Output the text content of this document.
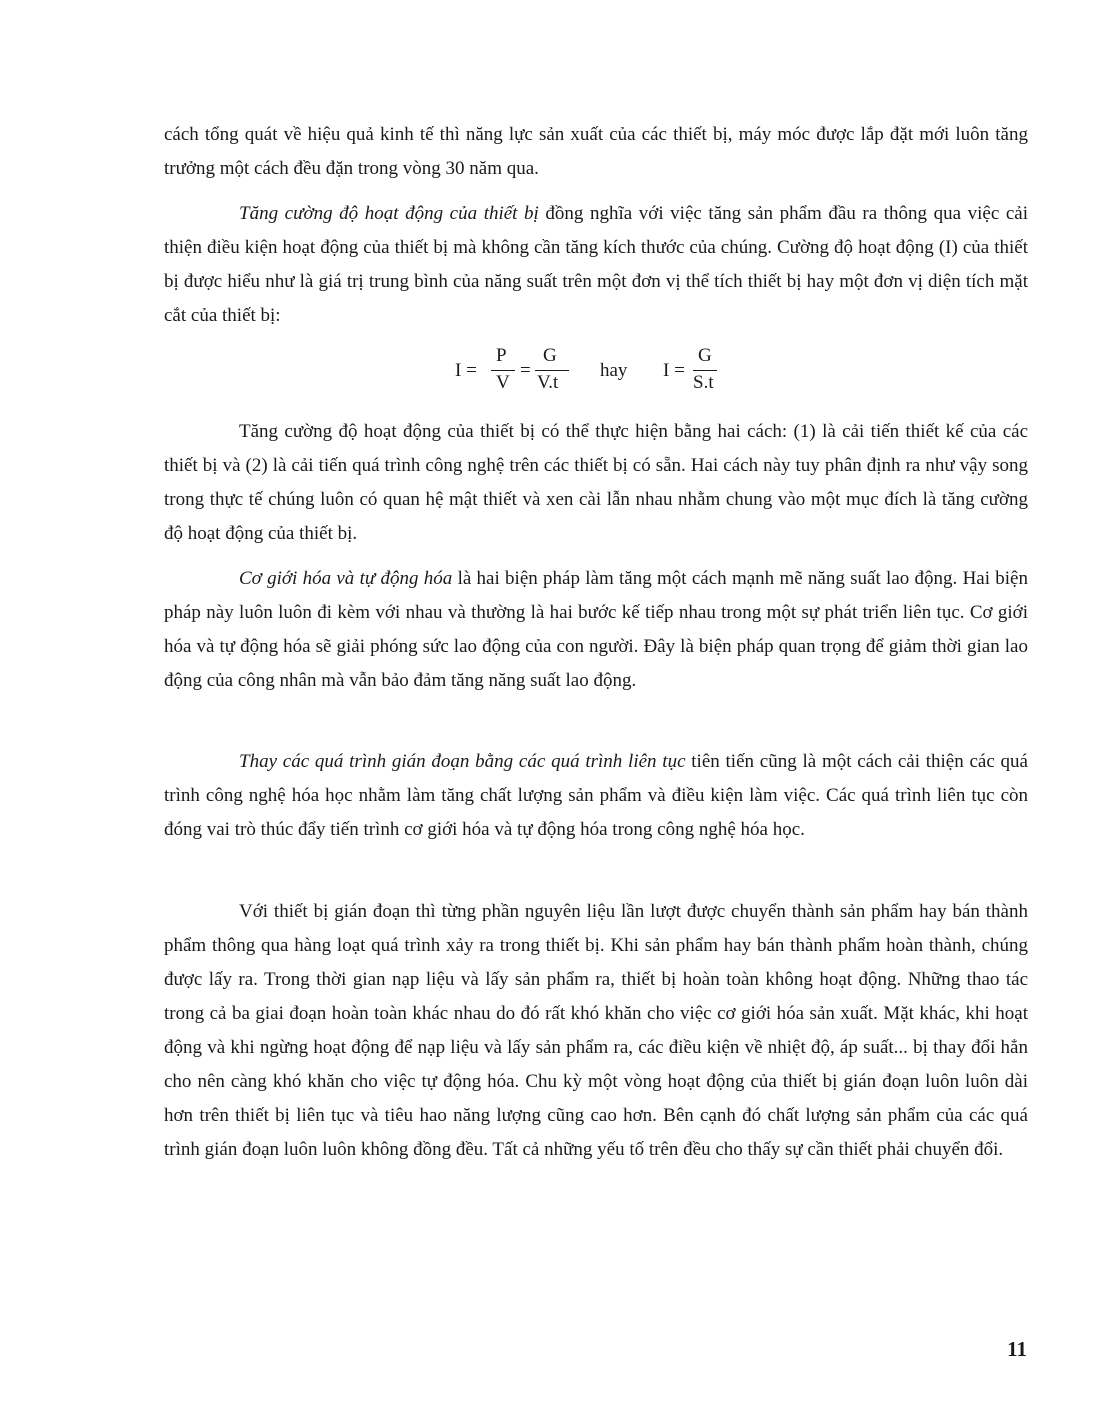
cách tổng quát về hiệu quả kinh tế thì năng lực sản xuất của các thiết bị, máy móc được lắp đặt mới luôn tăng trưởng một cách đều đặn trong vòng 30 năm qua.

Tăng cường độ hoạt động của thiết bị đồng nghĩa với việc tăng sản phẩm đầu ra thông qua việc cải thiện điều kiện hoạt động của thiết bị mà không cần tăng kích thước của chúng. Cường độ hoạt động (I) của thiết bị được hiểu như là giá trị trung bình của năng suất trên một đơn vị thể tích thiết bị hay một đơn vị diện tích mặt cắt của thiết bị:

I =
P
V
=
G
V.t
hay I =
G
S.t

Tăng cường độ hoạt động của thiết bị có thể thực hiện bằng hai cách: (1) là cải tiến thiết kế của các thiết bị và (2) là cải tiến quá trình công nghệ trên các thiết bị có sẵn. Hai cách này tuy phân định ra như vậy song trong thực tế chúng luôn có quan hệ mật thiết và xen cài lẫn nhau nhằm chung vào một mục đích là tăng cường độ hoạt động của thiết bị.

Cơ giới hóa và tự động hóa là hai biện pháp làm tăng một cách mạnh mẽ năng suất lao động. Hai biện pháp này luôn luôn đi kèm với nhau và thường là hai bước kế tiếp nhau trong một sự phát triển liên tục. Cơ giới hóa và tự động hóa sẽ giải phóng sức lao động của con người. Đây là biện pháp quan trọng để giảm thời gian lao động của công nhân mà vẫn bảo đảm tăng năng suất lao động.

Thay các quá trình gián đoạn bằng các quá trình liên tục tiên tiến cũng là một cách cải thiện các quá trình công nghệ hóa học nhằm làm tăng chất lượng sản phẩm và điều kiện làm việc. Các quá trình liên tục còn đóng vai trò thúc đẩy tiến trình cơ giới hóa và tự động hóa trong công nghệ hóa học.

Với thiết bị gián đoạn thì từng phần nguyên liệu lần lượt được chuyển thành sản phẩm hay bán thành phẩm thông qua hàng loạt quá trình xảy ra trong thiết bị. Khi sản phẩm hay bán thành phẩm hoàn thành, chúng được lấy ra. Trong thời gian nạp liệu và lấy sản phẩm ra, thiết bị hoàn toàn không hoạt động. Những thao tác trong cả ba giai đoạn hoàn toàn khác nhau do đó rất khó khăn cho việc cơ giới hóa sản xuất. Mặt khác, khi hoạt động và khi ngừng hoạt động để nạp liệu và lấy sản phẩm ra, các điều kiện về nhiệt độ, áp suất... bị thay đổi hẳn cho nên càng khó khăn cho việc tự động hóa. Chu kỳ một vòng hoạt động của thiết bị gián đoạn luôn luôn dài hơn trên thiết bị liên tục và tiêu hao năng lượng cũng cao hơn. Bên cạnh đó chất lượng sản phẩm của các quá trình gián đoạn luôn luôn không đồng đều. Tất cả những yếu tố trên đều cho thấy sự cần thiết phải chuyển đổi.

11
